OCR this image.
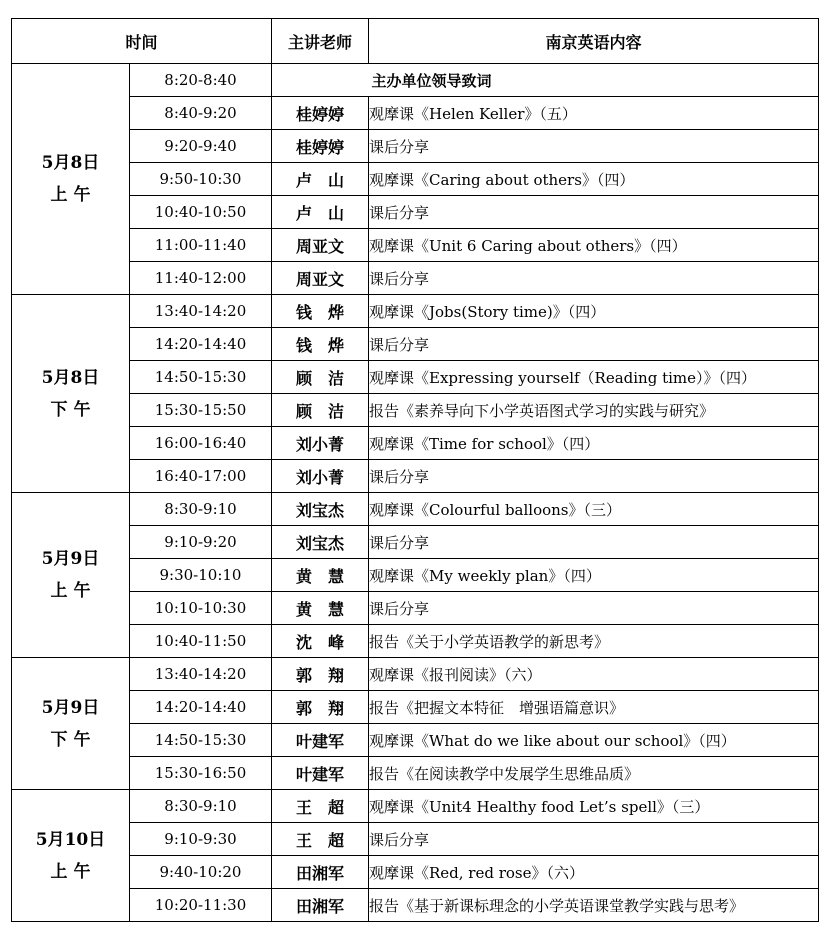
时间		主讲老师	南京英语内容

5月8日
上 午	8:20-8:40		主办单位领导致词
	8:40-9:20	桂婷婷	观摩课《Helen Keller》（五）
	9:20-9:40	桂婷婷	课后分享
	9:50-10:30	卢　山	观摩课《Caring about others》（四）
	10:40-10:50	卢　山	课后分享
	11:00-11:40	周亚文	观摩课《Unit 6 Caring about others》（四）
	11:40-12:00	周亚文	课后分享

5月8日
下 午	13:40-14:20	钱　烨	观摩课《Jobs(Story time)》（四）
	14:20-14:40	钱　烨	课后分享
	14:50-15:30	顾　洁	观摩课《Expressing yourself（Reading time）》（四）
	15:30-15:50	顾　洁	报告《素养导向下小学英语图式学习的实践与研究》
	16:00-16:40	刘小菁	观摩课《Time for school》（四）
	16:40-17:00	刘小菁	课后分享

5月9日
上 午	8:30-9:10	刘宝杰	观摩课《Colourful balloons》（三）
	9:10-9:20	刘宝杰	课后分享
	9:30-10:10	黄　慧	观摩课《My weekly plan》（四）
	10:10-10:30	黄　慧	课后分享
	10:40-11:50	沈　峰	报告《关于小学英语教学的新思考》

5月9日
下 午	13:40-14:20	郭　翔	观摩课《报刊阅读》（六）
	14:20-14:40	郭　翔	报告《把握文本特征　增强语篇意识》
	14:50-15:30	叶建军	观摩课《What do we like about our school》（四）
	15:30-16:50	叶建军	报告《在阅读教学中发展学生思维品质》

5月10日
上 午	8:30-9:10	王　超	观摩课《Unit4 Healthy food Let’s spell》（三）
	9:10-9:30	王　超	课后分享
	9:40-10:20	田湘军	观摩课《Red, red rose》（六）
	10:20-11:30	田湘军	报告《基于新课标理念的小学英语课堂教学实践与思考》
